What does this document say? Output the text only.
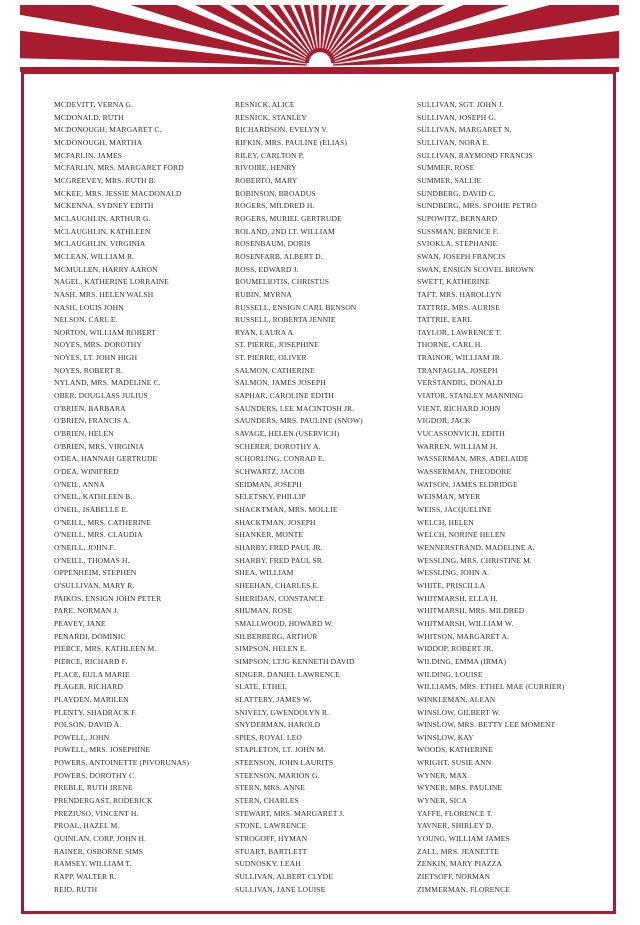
MCDEVITT, VERNA G.
MCDONALD, RUTH
MCDONOUGH, MARGARET C.
MCDONOUGH, MARTHA
MCFARLIN, JAMES
MCFARLIN, MRS. MARGARET FORD
MCGREEVEY, MRS. RUTH B.
MCKEE, MRS. JESSIE MACDONALD
MCKENNA, SYDNEY EDITH
MCLAUGHLIN, ARTHUR G.
MCLAUGHLIN, KATHLEEN
MCLAUGHLIN, VIRGINIA
MCLEAN, WILLIAM R.
MCMULLEN, HARRY AARON
NAGEL, KATHERINE LORRAINE
NASH, MRS. HELEN WALSH
NASH, LOUIS JOHN
NELSON, CARL E.
NORTON, WILLIAM ROBERT
NOYES, MRS. DOROTHY
NOYES, LT. JOHN HIGH
NOYES, ROBERT R.
NYLAND, MRS. MADELINE C.
OBER, DOUGLASS JULIUS
O'BRIEN, BARBARA
O'BRIEN, FRANCIS A.
O'BRIEN, HELEN
O'BRIEN, MRS. VIRGINIA
O'DEA, HANNAH GERTRUDE
O'DEA, WINIFRED
O'NEIL, ANNA
O'NEIL, KATHLEEN B.
O'NEIL, ISABELLE E.
O'NEILL, MRS. CATHERINE
O'NEILL, MRS. CLAUDIA
O'NEILL, JOHN F.
O'NEILL, THOMAS H.
OPPENHEIM, STEPHEN
O'SULLIVAN, MARY R.
PAIKOS, ENSIGN JOHN PETER
PARE, NORMAN J.
PEAVEY, JANE
PENARDI, DOMINIC
PIERCE, MRS. KATHLEEN M.
PIERCE, RICHARD F.
PLACE, EULA MARIE
PLAGER, RICHARD
PLAYDEN, MARILEN
PLENTY, SHADRACK F.
POLSON, DAVID A.
POWELL, JOHN
POWELL, MRS. JOSEPHINE
POWERS, ANTOINETTE (PIVORUNAS)
POWERS, DOROTHY C.
PREBLE, RUTH IRENE
PRENDERGAST, RODERICK
PREZIUSO, VINCENT H.
PROAL, HAZEL M.
QUINLAN, CORP. JOHN H.
RAINER, OSBORNE SIMS
RAMSEY, WILLIAM T.
RAPP, WALTER R.
REID, RUTH
RESNICK, ALICE
RESNICK, STANLEY
RICHARDSON, EVELYN V.
RIFKIN, MRS. PAULINE (ELIAS)
RILEY, CARLTON P.
RIVOIRE, HENRY
ROBERTO, MARY
ROBINSON, BROADUS
ROGERS, MILDRED H.
ROGERS, MURIEL GERTRUDE
ROLAND, 2ND LT. WILLIAM
ROSENBAUM, DORIS
ROSENFARB, ALBERT D.
ROSS, EDWARD J.
ROUMELIOTIS, CHRISTUS
RUBIN, MYRNA
RUSSELL, ENSIGN CARL BENSON
RUSSELL, ROBERTA JENNIE
RYAN, LAURA A.
ST. PIERRE, JOSEPHINE
ST. PIERRE, OLIVER
SALMON, CATHERINE
SALMON, JAMES JOSEPH
SAPHAR, CAROLINE EDITH
SAUNDERS, LEE MACINTOSH JR.
SAUNDERS, MRS. PAULINE (SNOW)
SAVAGE, HELEN (USERVICH)
SCHERER, DOROTHY A.
SCHORLING, CONRAD E.
SCHWARTZ, JACOB
SEIDMAN, JOSEPH
SELETSKY, PHILLIP
SHACKTMAN, MRS. MOLLIE
SHACKTMAN, JOSEPH
SHANKER, MONTE
SHARBY, FRED PAUL JR.
SHARBY, FRED PAUL SR.
SHEA, WILLIAM
SHEEHAN, CHARLES E.
SHERIDAN, CONSTANCE
SHUMAN, ROSE
SMALLWOOD, HOWARD W.
SILBERBERG, ARTHUR
SIMPSON, HELEN E.
SIMPSON, LTJG KENNETH DAVID
SINGER, DANIEL LAWRENCE
SLATE, ETHEL
SLATTERY, JAMES W.
SNIVELY, GWENDOLYN R.
SNYDERMAN, HAROLD
SPIES, ROYAL LEO
STAPLETON, LT. JOHN M.
STEENSON, JOHN LAURITS
STEENSON, MARION G.
STERN, MRS. ANNE
STERN, CHARLES
STEWART, MRS. MARGARET J.
STONE, LAWRENCE
STROGOFF, HYMAN
STUART, BARTLETT
SUDNOSKY, LEAH
SULLIVAN, ALBERT CLYDE
SULLIVAN, JANE LOUISE
SULLIVAN, SGT. JOHN J.
SULLIVAN, JOSEPH G.
SULLIVAN, MARGARET N.
SULLIVAN, NORA E.
SULLIVAN, RAYMOND FRANCIS
SUMMER, ROSE
SUMMER, SALLIE
SUNDBERG, DAVID C.
SUNDBERG, MRS. SPOHIE PETRO
SUPOWITZ, BERNARD
SUSSMAN, BERNICE F.
SVIOKLA, STEPHANIE
SWAN, JOSEPH FRANCIS
SWAN, ENSIGN SCOVEL BROWN
SWETT, KATHERINE
TAFT, MRS. HAROLLYN
TATTRIE, MRS. AURISE
TATTRIE, EARL
TAYLOR, LAWRENCE T.
THORNE, CARL H.
TRAINOR, WILLIAM JR.
TRANFAGLIA, JOSEPH
VERSTANDIG, DONALD
VIATOR, STANLEY MANNING
VIENT, RICHARD JOHN
VIGDOR, JACK
VUCASSONVICH, EDITH
WARREN, WILLIAM H.
WASSERMAN, MRS. ADELAIDE
WASSERMAN, THEODORE
WATSON, JAMES ELDRIDGE
WEISMAN, MYER
WEISS, JACQUELINE
WELCH, HELEN
WELCH, NORINE HELEN
WENNERSTRAND, MADELINE A.
WESSLING, MRS. CHRISTINE M.
WESSLING, JOHN A.
WHITE, PRISCILLA
WHITMARSH, ELLA H.
WHITMARSH, MRS. MILDRED
WHITMARSH, WILLIAM W.
WHITSON, MARGARET A.
WIDDOP, ROBERT JR.
WILDING, EMMA (IRMA)
WILDING, LOUISE
WILLIAMS, MRS. ETHEL MAE (CURRIER)
WINKLEMAN, ALEAN
WINSLOW, GILBERT W.
WINSLOW, MRS. BETTY LEE MOMENT
WINSLOW, KAY
WOODS, KATHERINE
WRIGHT, SUSIE ANN
WYNER, MAX
WYNER, MRS. PAULINE
WYNER, SICA
YAFFE, FLORENCE T.
YAVNER, SHIRLEY D.
YOUNG, WILLIAM JAMES
ZALL, MRS. JEANETTE
ZENKIN, MARY PIAZZA
ZIETSOFF, NORMAN
ZIMMERMAN, FLORENCE
